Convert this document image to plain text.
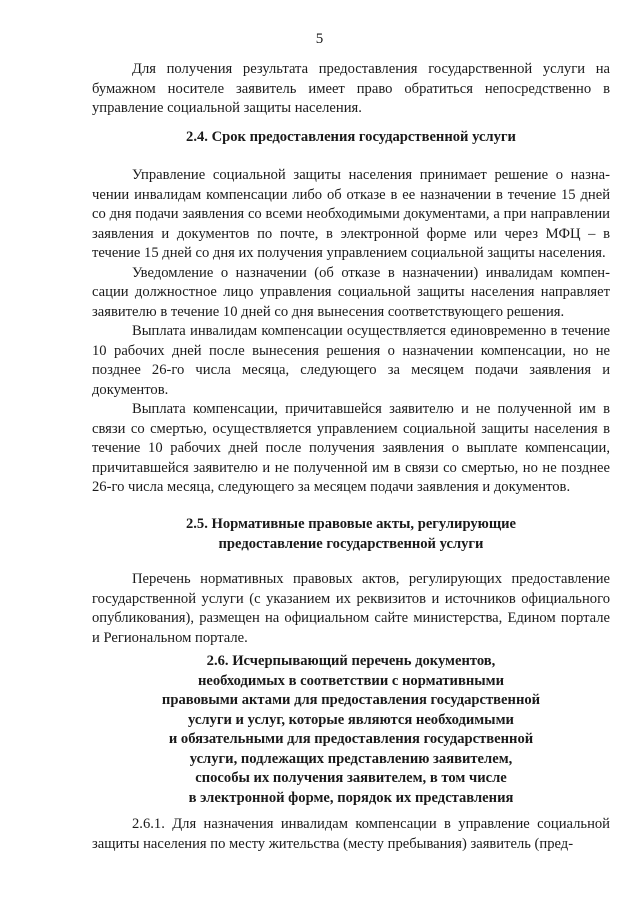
5

Для получения результата предоставления государственной услуги на бумажном носителе заявитель имеет право обратиться непосредственно в управление социальной защиты населения.

2.4. Срок предоставления государственной услуги

Управление социальной защиты населения принимает решение о назначении инвалидам компенсации либо об отказе в ее назначении в течение 15 дней со дня подачи заявления со всеми необходимыми документами, а при направлении заявления и документов по почте, в электронной форме или через МФЦ – в течение 15 дней со дня их получения управлением социальной защиты населения.

Уведомление о назначении (об отказе в назначении) инвалидам компенсации должностное лицо управления социальной защиты населения направляет заявителю в течение 10 дней со дня вынесения соответствующего решения.

Выплата инвалидам компенсации осуществляется единовременно в течение 10 рабочих дней после вынесения решения о назначении компенсации, но не позднее 26-го числа месяца, следующего за месяцем подачи заявления и документов.

Выплата компенсации, причитавшейся заявителю и не полученной им в связи со смертью, осуществляется управлением социальной защиты населения в течение 10 рабочих дней после получения заявления о выплате компенсации, причитавшейся заявителю и не полученной им в связи со смертью, но не позднее 26-го числа месяца, следующего за месяцем подачи заявления и документов.

2.5. Нормативные правовые акты, регулирующие
предоставление государственной услуги

Перечень нормативных правовых актов, регулирующих предоставление государственной услуги (с указанием их реквизитов и источников официального опубликования), размещен на официальном сайте министерства, Едином портале и Региональном портале.

2.6. Исчерпывающий перечень документов,
необходимых в соответствии с нормативными
правовыми актами для предоставления государственной
услуги и услуг, которые являются необходимыми
и обязательными для предоставления государственной
услуги, подлежащих представлению заявителем,
способы их получения заявителем, в том числе
в электронной форме, порядок их представления

2.6.1. Для назначения инвалидам компенсации в управление социальной защиты населения по месту жительства (месту пребывания) заявитель (пред-
